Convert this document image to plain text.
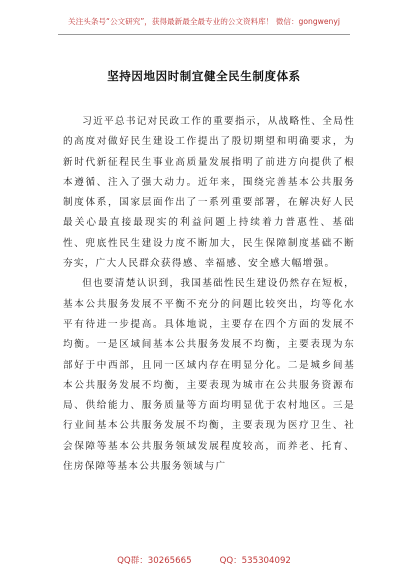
关注头条号“公文研究”，获得最新最全最专业的公文资料库！ 微信：gongwenyj
坚持因地因时制宜健全民生制度体系

习近平总书记对民政工作的重要指示，从战略性、全局性的高度对做好民生建设工作提出了殷切期望和明确要求，为新时代新征程民生事业高质量发展指明了前进方向提供了根本遵循、注入了强大动力。近年来，围绕完善基本公共服务制度体系，国家层面作出了一系列重要部署，在解决好人民最关心最直接最现实的利益问题上持续着力普惠性、基础性、兜底性民生建设力度不断加大，民生保障制度基础不断夯实，广大人民群众获得感、幸福感、安全感大幅增强。

但也要清楚认识到，我国基础性民生建设仍然存在短板，基本公共服务发展不平衡不充分的问题比较突出，均等化水平有待进一步提高。具体地说，主要存在四个方面的发展不均衡。一是区域间基本公共服务发展不均衡，主要表现为东部好于中西部，且同一区域内存在明显分化。二是城乡间基本公共服务发展不均衡，主要表现为城市在公共服务资源布局、供给能力、服务质量等方面均明显优于农村地区。三是行业间基本公共服务发展不均衡，主要表现为医疗卫生、社会保障等基本公共服务领域发展程度较高，而养老、托育、住房保障等基本公共服务领域与广

QQ群：30265665	QQ：535304092
